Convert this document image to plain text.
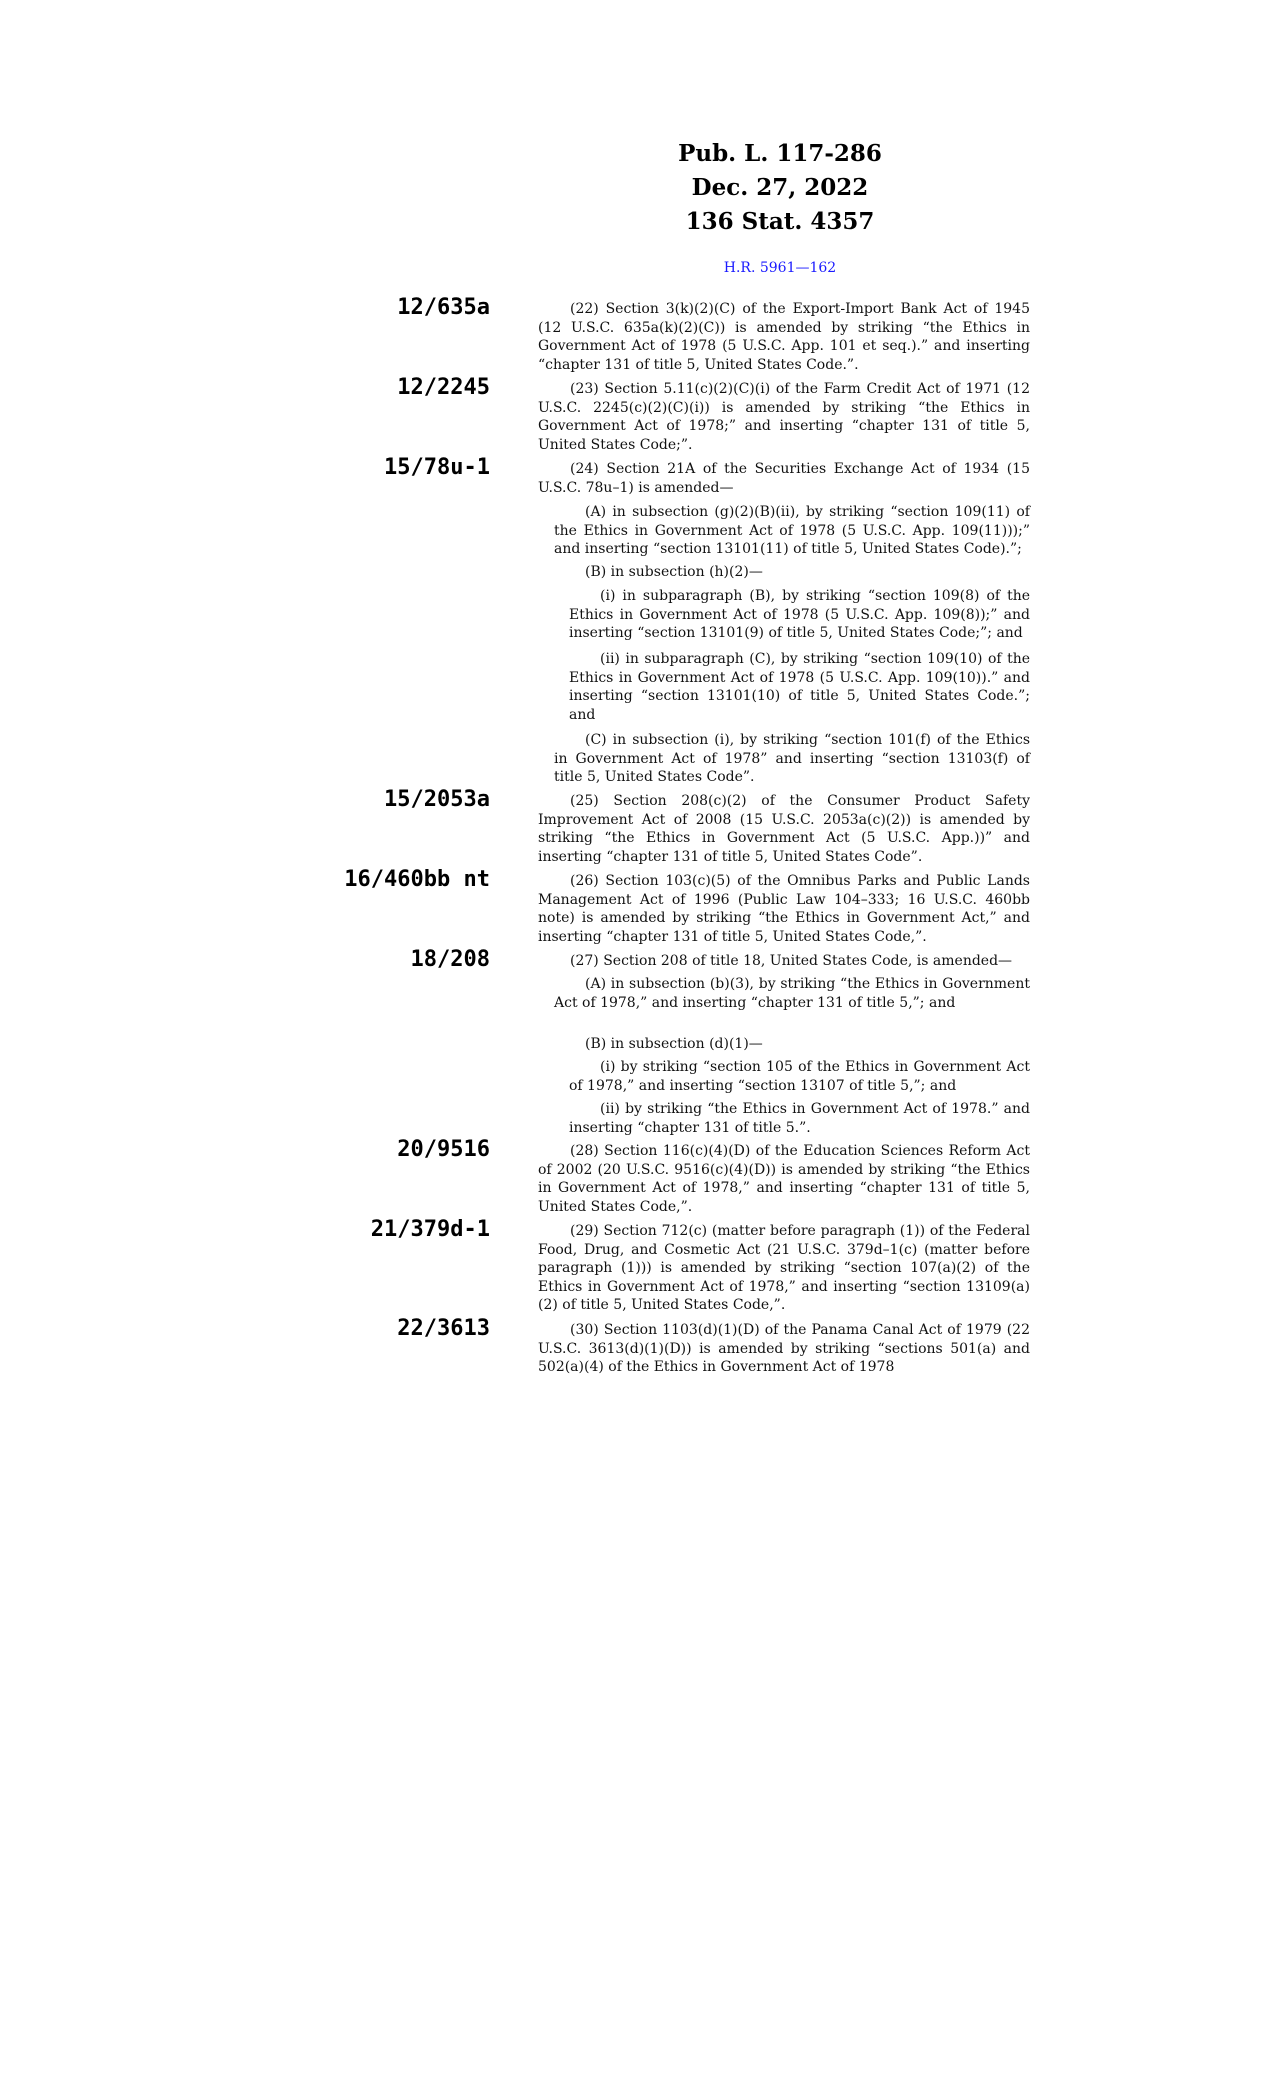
Pub. L. 117-286
Dec. 27, 2022
136 Stat. 4357
H.R. 5961—162
12/635a	(22) Section 3(k)(2)(C) of the Export-Import Bank Act of 1945 (12 U.S.C. 635a(k)(2)(C)) is amended by striking “the Ethics in Government Act of 1978 (5 U.S.C. App. 101 et seq.).” and inserting “chapter 131 of title 5, United States Code.”.
12/2245	(23) Section 5.11(c)(2)(C)(i) of the Farm Credit Act of 1971 (12 U.S.C. 2245(c)(2)(C)(i)) is amended by striking “the Ethics in Government Act of 1978;” and inserting “chapter 131 of title 5, United States Code;”.
15/78u-1	(24) Section 21A of the Securities Exchange Act of 1934 (15 U.S.C. 78u–1) is amended—
(A) in subsection (g)(2)(B)(ii), by striking “section 109(11) of the Ethics in Government Act of 1978 (5 U.S.C. App. 109(11)));” and inserting “section 13101(11) of title 5, United States Code).”;
(B) in subsection (h)(2)—
(i) in subparagraph (B), by striking “section 109(8) of the Ethics in Government Act of 1978 (5 U.S.C. App. 109(8));” and inserting “section 13101(9) of title 5, United States Code;”; and
(ii) in subparagraph (C), by striking “section 109(10) of the Ethics in Government Act of 1978 (5 U.S.C. App. 109(10)).” and inserting “section 13101(10) of title 5, United States Code.”; and
(C) in subsection (i), by striking “section 101(f) of the Ethics in Government Act of 1978” and inserting “section 13103(f) of title 5, United States Code”.
15/2053a	(25) Section 208(c)(2) of the Consumer Product Safety Improvement Act of 2008 (15 U.S.C. 2053a(c)(2)) is amended by striking “the Ethics in Government Act (5 U.S.C. App.))” and inserting “chapter 131 of title 5, United States Code”.
16/460bb nt	(26) Section 103(c)(5) of the Omnibus Parks and Public Lands Management Act of 1996 (Public Law 104–333; 16 U.S.C. 460bb note) is amended by striking “the Ethics in Government Act,” and inserting “chapter 131 of title 5, United States Code,”.
18/208	(27) Section 208 of title 18, United States Code, is amended—
(A) in subsection (b)(3), by striking “the Ethics in Government Act of 1978,” and inserting “chapter 131 of title 5,”; and
(B) in subsection (d)(1)—
(i) by striking “section 105 of the Ethics in Government Act of 1978,” and inserting “section 13107 of title 5,”; and
(ii) by striking “the Ethics in Government Act of 1978.” and inserting “chapter 131 of title 5.”.
20/9516	(28) Section 116(c)(4)(D) of the Education Sciences Reform Act of 2002 (20 U.S.C. 9516(c)(4)(D)) is amended by striking “the Ethics in Government Act of 1978,” and inserting “chapter 131 of title 5, United States Code,”.
21/379d-1	(29) Section 712(c) (matter before paragraph (1)) of the Federal Food, Drug, and Cosmetic Act (21 U.S.C. 379d–1(c) (matter before paragraph (1))) is amended by striking “section 107(a)(2) of the Ethics in Government Act of 1978,” and inserting “section 13109(a)(2) of title 5, United States Code,”.
22/3613	(30) Section 1103(d)(1)(D) of the Panama Canal Act of 1979 (22 U.S.C. 3613(d)(1)(D)) is amended by striking “sections 501(a) and 502(a)(4) of the Ethics in Government Act of 1978
